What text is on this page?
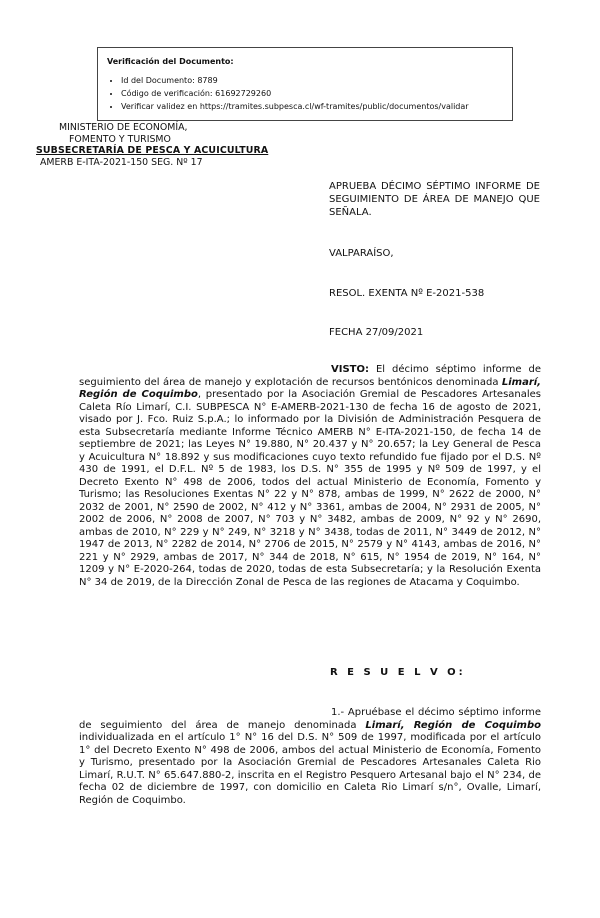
Verificación del Documento:
• Id del Documento: 8789
• Código de verificación: 61692729260
• Verificar validez en https://tramites.subpesca.cl/wf-tramites/public/documentos/validar
MINISTERIO DE ECONOMÍA,
FOMENTO Y TURISMO
SUBSECRETARÍA DE PESCA Y ACUICULTURA
AMERB E-ITA-2021-150 SEG. Nº 17
APRUEBA DÉCIMO SÉPTIMO INFORME DE SEGUIMIENTO DE ÁREA DE MANEJO QUE SEÑALA.
VALPARAÍSO,
RESOL. EXENTA Nº E-2021-538
FECHA 27/09/2021
VISTO: El décimo séptimo informe de seguimiento del área de manejo y explotación de recursos bentónicos denominada Limarí, Región de Coquimbo, presentado por la Asociación Gremial de Pescadores Artesanales Caleta Río Limarí, C.I. SUBPESCA N° E-AMERB-2021-130 de fecha 16 de agosto de 2021, visado por J. Fco. Ruiz S.p.A.; lo informado por la División de Administración Pesquera de esta Subsecretaría mediante Informe Técnico AMERB N° E-ITA-2021-150, de fecha 14 de septiembre de 2021; las Leyes N° 19.880, N° 20.437 y N° 20.657; la Ley General de Pesca y Acuicultura N° 18.892 y sus modificaciones cuyo texto refundido fue fijado por el D.S. Nº 430 de 1991, el D.F.L. Nº 5 de 1983, los D.S. N° 355 de 1995 y Nº 509 de 1997, y el Decreto Exento N° 498 de 2006, todos del actual Ministerio de Economía, Fomento y Turismo; las Resoluciones Exentas N° 22 y N° 878, ambas de 1999, N° 2622 de 2000, N° 2032 de 2001, N° 2590 de 2002, N° 412 y N° 3361, ambas de 2004, N° 2931 de 2005, N° 2002 de 2006, N° 2008 de 2007, N° 703 y N° 3482, ambas de 2009, N° 92 y N° 2690, ambas de 2010, N° 229 y N° 249, N° 3218 y N° 3438, todas de 2011, N° 3449 de 2012, N° 1947 de 2013, N° 2282 de 2014, N° 2706 de 2015, N° 2579 y N° 4143, ambas de 2016, N° 221 y N° 2929, ambas de 2017, N° 344 de 2018, N° 615, N° 1954 de 2019, N° 164, N° 1209 y N° E-2020-264, todas de 2020, todas de esta Subsecretaría; y la Resolución Exenta N° 34 de 2019, de la Dirección Zonal de Pesca de las regiones de Atacama y Coquimbo.
R E S U E L V O:
1.- Apruébase el décimo séptimo informe de seguimiento del área de manejo denominada Limarí, Región de Coquimbo individualizada en el artículo 1° N° 16 del D.S. N° 509 de 1997, modificada por el artículo 1° del Decreto Exento N° 498 de 2006, ambos del actual Ministerio de Economía, Fomento y Turismo, presentado por la Asociación Gremial de Pescadores Artesanales Caleta Rio Limarí, R.U.T. N° 65.647.880-2, inscrita en el Registro Pesquero Artesanal bajo el N° 234, de fecha 02 de diciembre de 1997, con domicilio en Caleta Rio Limarí s/n°, Ovalle, Limarí, Región de Coquimbo.
